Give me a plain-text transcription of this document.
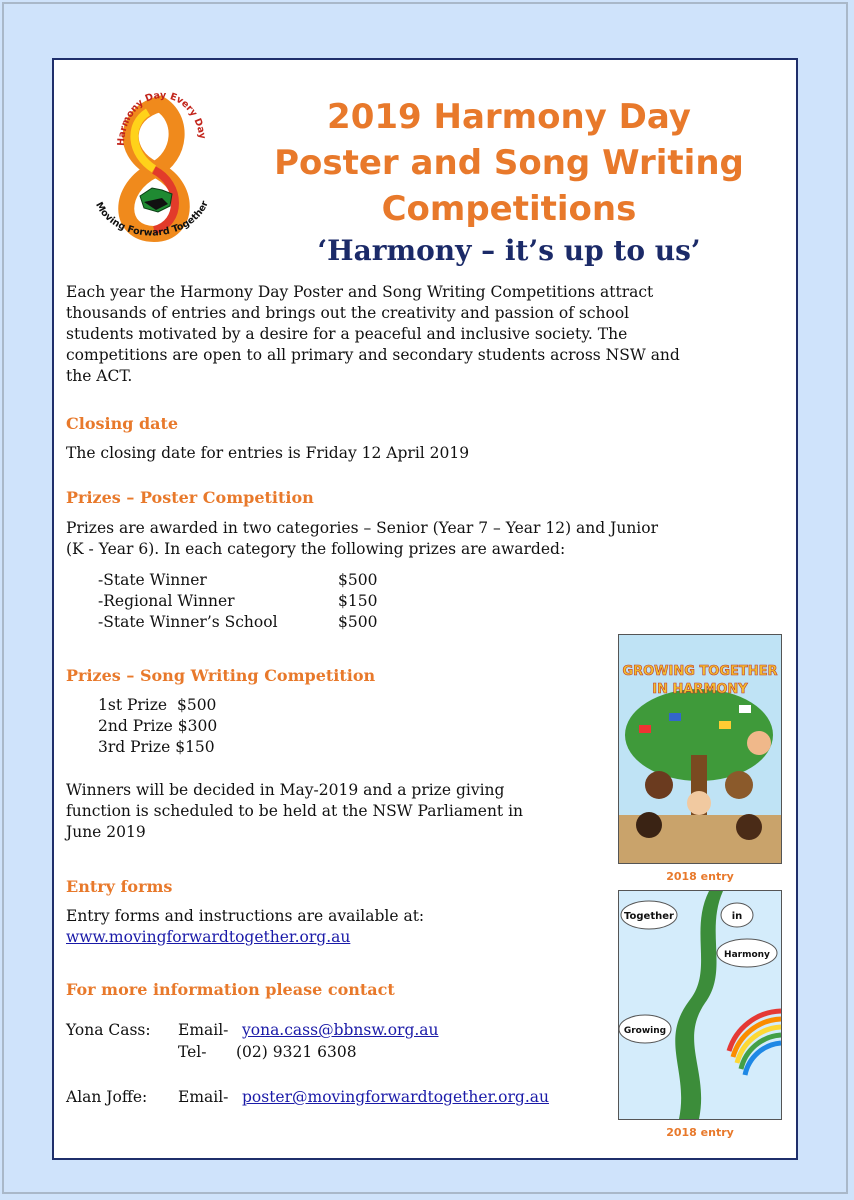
Harmony Day Every Day
Moving Forward Together
2019 Harmony Day
Poster and Song Writing
Competitions
‘Harmony – it’s up to us’
Each year the Harmony Day Poster and Song Writing Competitions attract
thousands of entries and brings out the creativity and passion of school
students motivated by a desire for a peaceful and inclusive society. The
competitions are open to all primary and secondary students across NSW and
the ACT.
Closing date
The closing date for entries is Friday 12 April 2019
Prizes – Poster Competition
Prizes are awarded in two categories – Senior (Year 7 – Year 12) and Junior
(K - Year 6). In each category the following prizes are awarded:
-State Winner	$500
-Regional Winner	$150
-State Winner’s School	$500
Prizes – Song Writing Competition
1st Prize $500
2nd Prize $300
3rd Prize $150
Winners will be decided in May-2019 and a prize giving
function is scheduled to be held at the NSW Parliament in
June 2019
Entry forms
Entry forms and instructions are available at:
www.movingforwardtogether.org.au
For more information please contact
Yona Cass: Email- yona.cass@bbnsw.org.au
Tel- (02) 9321 6308
Alan Joffe: Email- poster@movingforwardtogether.org.au
GROWING TOGETHER
IN HARMONY
2018 entry
Together	in
Harmony
Growing
2018 entry
